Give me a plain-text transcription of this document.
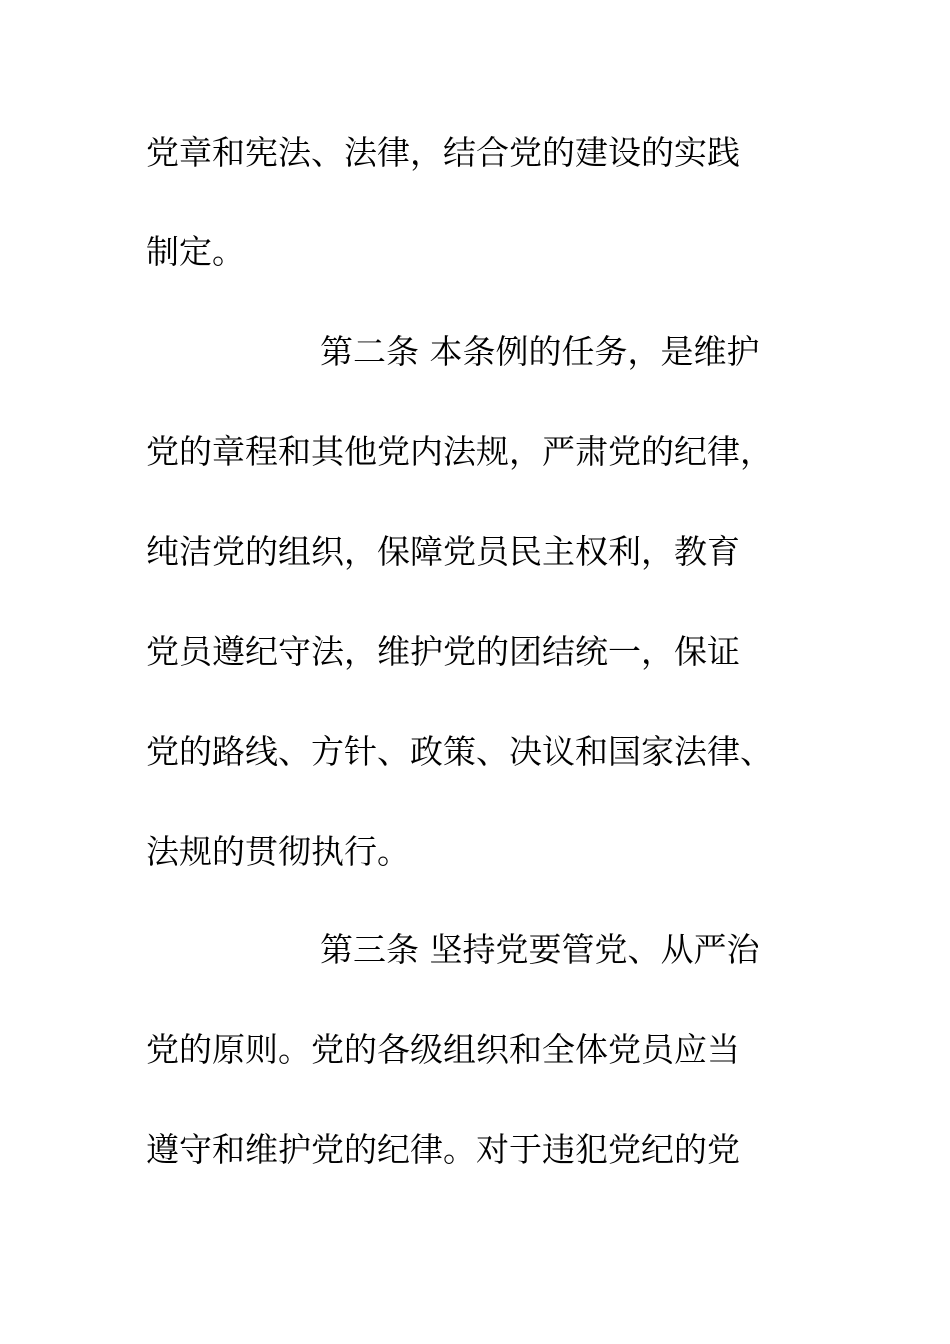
党章和宪法、法律，结合党的建设的实践

制定。

第二条 本条例的任务，是维护

党的章程和其他党内法规，严肃党的纪律，

纯洁党的组织，保障党员民主权利，教育

党员遵纪守法，维护党的团结统一，保证

党的路线、方针、政策、决议和国家法律、

法规的贯彻执行。

第三条 坚持党要管党、从严治

党的原则。党的各级组织和全体党员应当

遵守和维护党的纪律。对于违犯党纪的党
